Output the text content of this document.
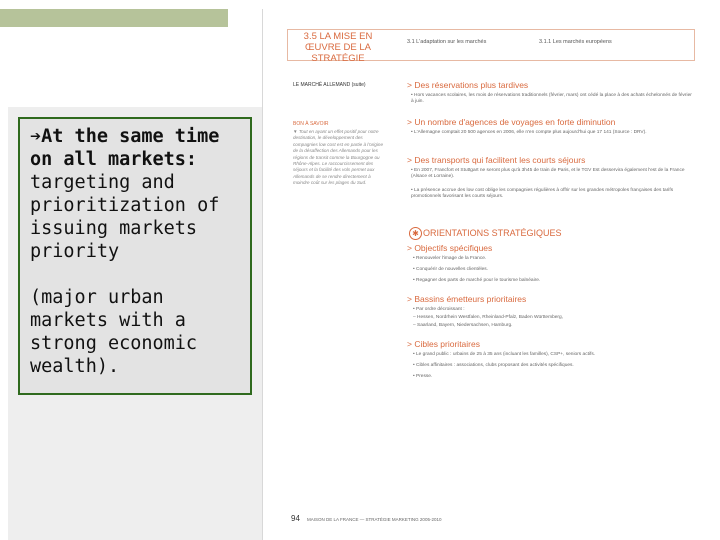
➔At the same time on all markets:

targeting and prioritization of issuing markets priority

(major urban markets with a strong economic wealth).

3.5 LA MISE EN ŒUVRE DE LA STRATÉGIE
3.1 L'adaptation sur les marchés	3.1.1 Les marchés européens
LE MARCHÉ ALLEMAND (suite)
BON À SAVOIR
▼ Tout en ayant un effet positif pour notre destination, le développement des compagnies low cost est en partie à l'origine de la désaffection des Allemands pour les régions de transit comme la Bourgogne ou Rhône-Alpes. Le raccourcissement des séjours et la facilité des vols permet aux Allemands de se rendre directement à moindre coût sur les plages du Sud.
> Des réservations plus tardives
• Hors vacances scolaires, les mois de réservations traditionnels (février, mars) ont cédé la place à des achats échelonnés de février à juin.
> Un nombre d'agences de voyages en forte diminution
• L'Allemagne comptait 20 500 agences en 2006, elle n'en compte plus aujourd'hui que 17 141 (Source : DRV).
> Des transports qui facilitent les courts séjours
• En 2007, Francfort et Stuttgart ne seront plus qu'à 3h45 de train de Paris, et le TGV Est desservira également l'est de la France (Alsace et Lorraine).
• La présence accrue des low cost oblige les compagnies régulières à offrir sur les grandes métropoles françaises des tarifs promotionnels favorisant les courts séjours.
✱ ORIENTATIONS STRATÉGIQUES
> Objectifs spécifiques
• Renouveler l'image de la France.
• Conquérir de nouvelles clientèles.
• Regagner des parts de marché pour le tourisme balnéaire.
> Bassins émetteurs prioritaires
• Par ordre décroissant :
– Hessen, Nordrhein Westfalen, Rheinland-Pfalz, Baden Württemberg,
– Saarland, Bayern, Niedersachsen, Hamburg.
> Cibles prioritaires
• Le grand public : urbains de 25 à 35 ans (incluant les familles), CSP+, seniors actifs.
• Cibles affinitaires : associations, clubs proposant des activités spécifiques.
• Presse.
94 MAISON DE LA FRANCE — STRATÉGIE MARKETING 2005-2010
